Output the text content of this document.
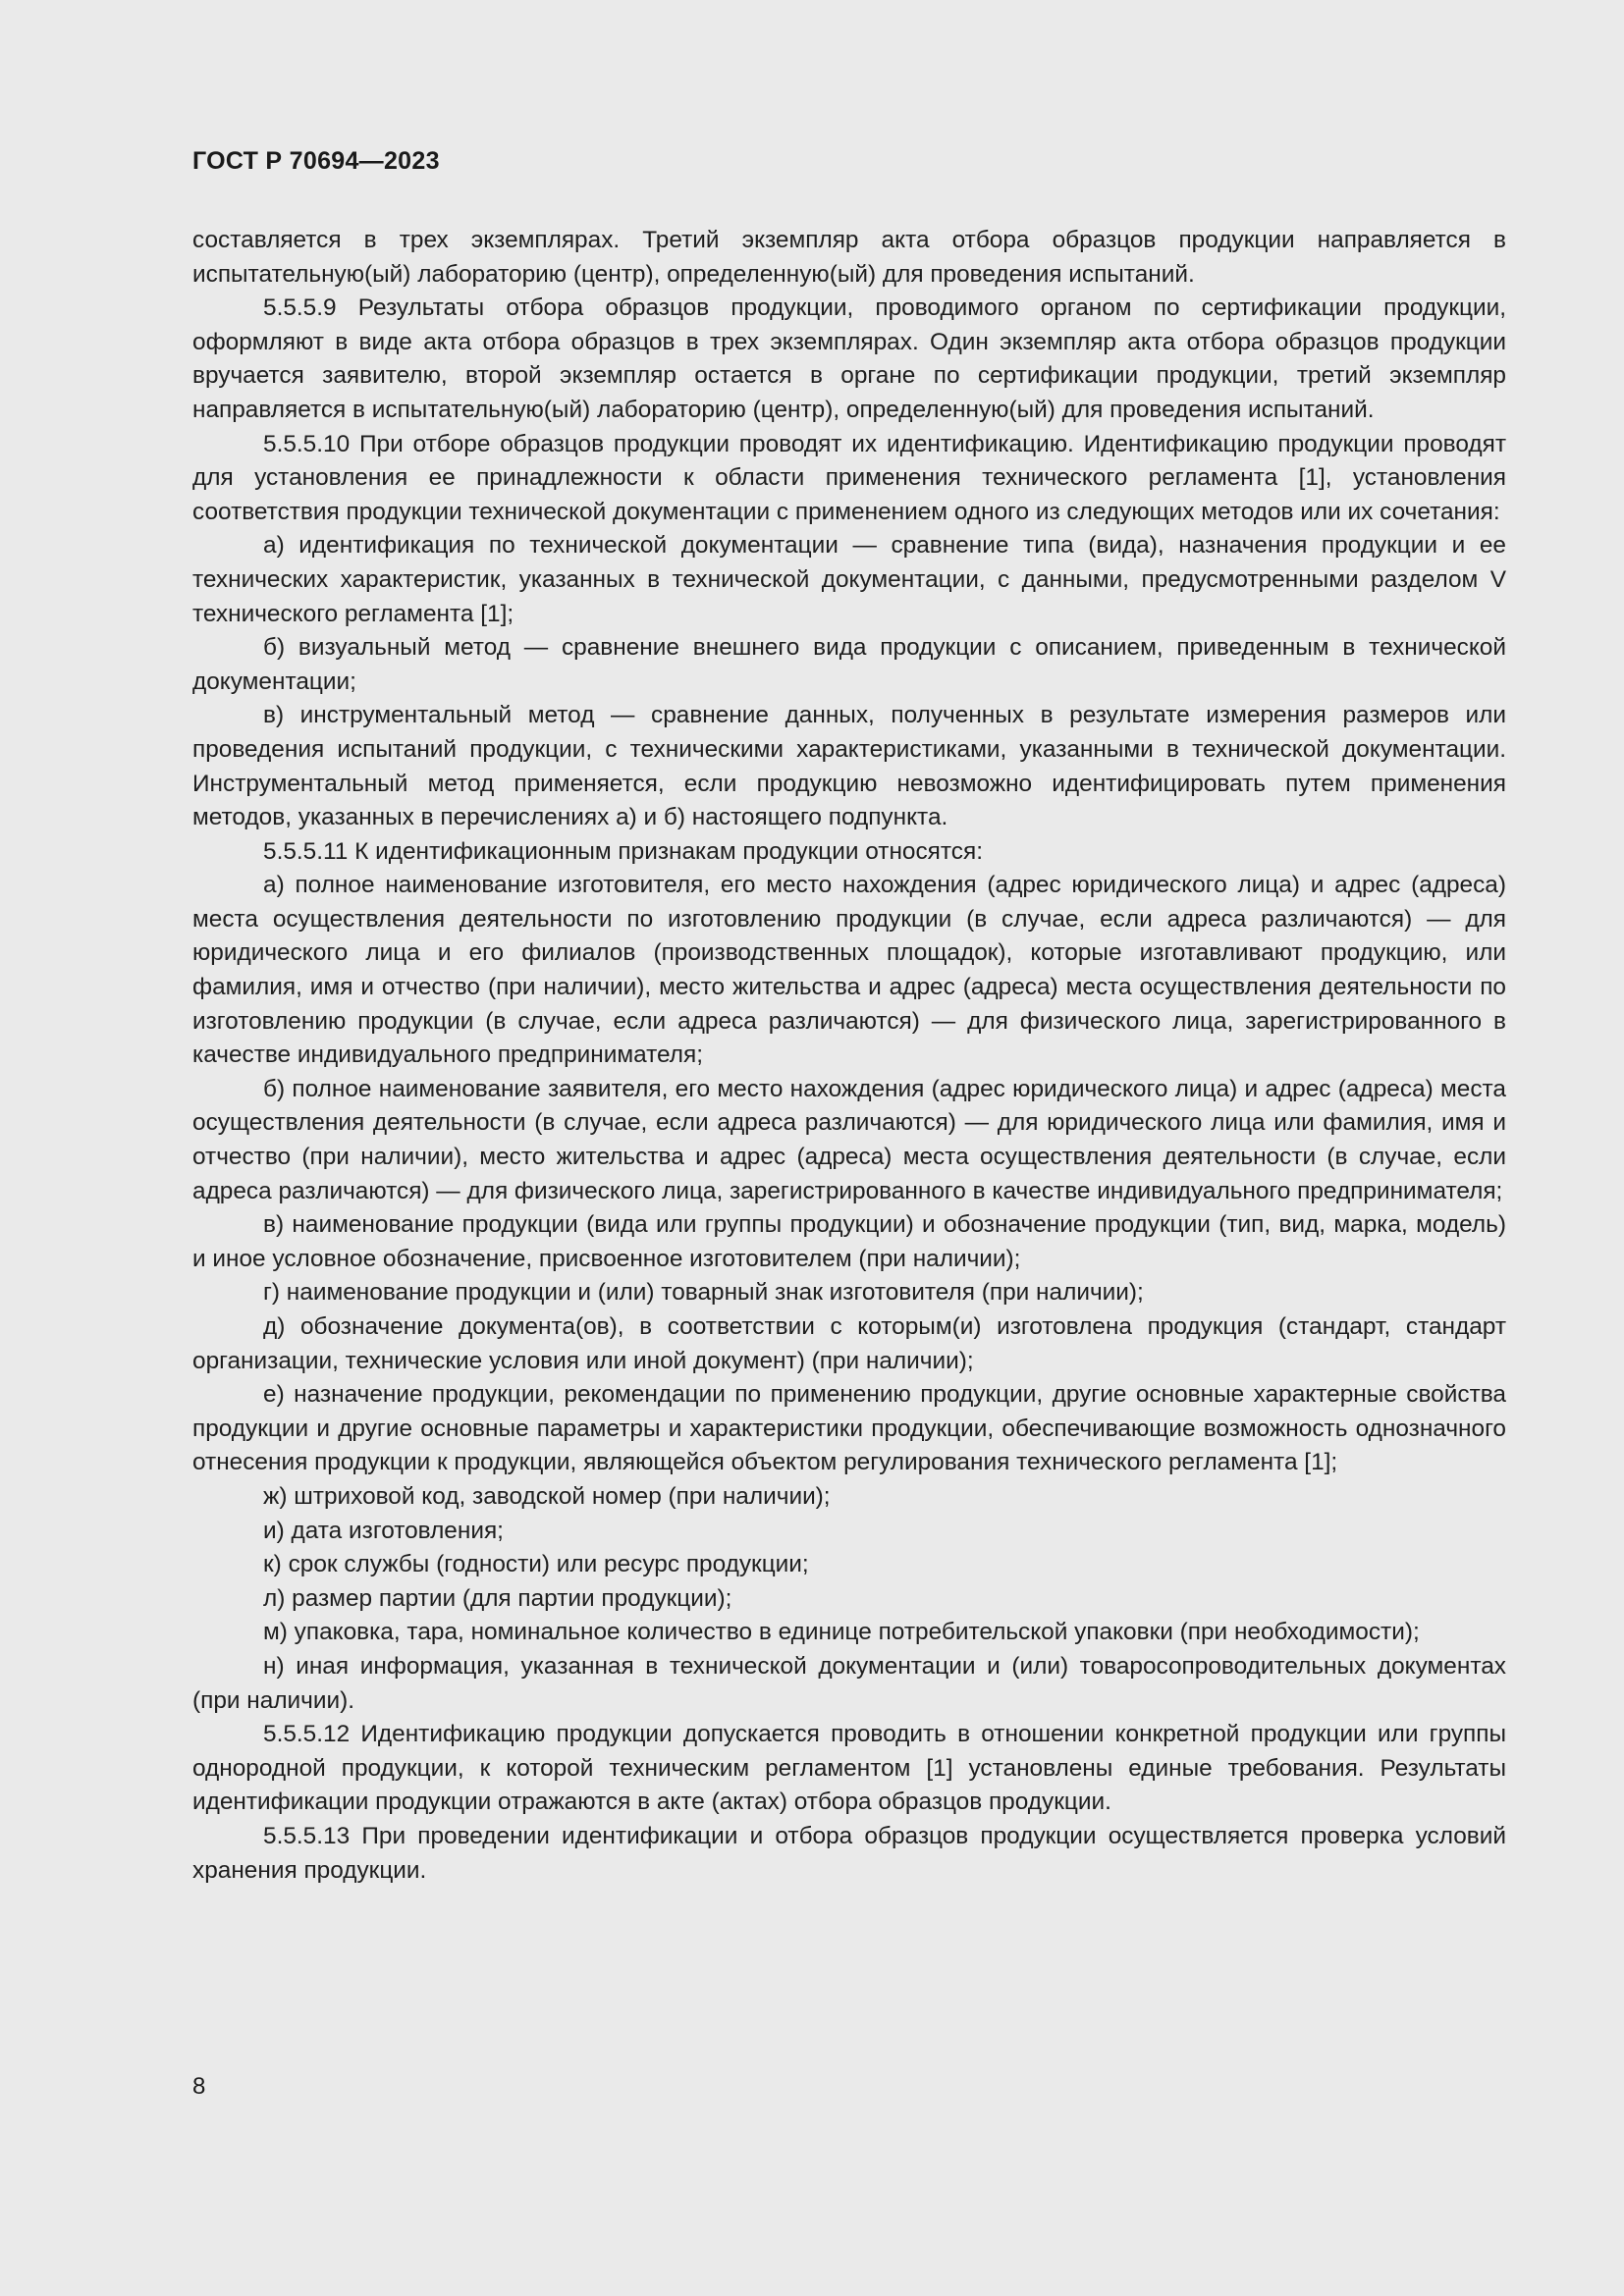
ГОСТ Р 70694—2023

составляется в трех экземплярах. Третий экземпляр акта отбора образцов продукции направляется в испытательную(ый) лабораторию (центр), определенную(ый) для проведения испытаний.

5.5.5.9 Результаты отбора образцов продукции, проводимого органом по сертификации продукции, оформляют в виде акта отбора образцов в трех экземплярах. Один экземпляр акта отбора образцов продукции вручается заявителю, второй экземпляр остается в органе по сертификации продукции, третий экземпляр направляется в испытательную(ый) лабораторию (центр), определенную(ый) для проведения испытаний.

5.5.5.10 При отборе образцов продукции проводят их идентификацию. Идентификацию продукции проводят для установления ее принадлежности к области применения технического регламента [1], установления соответствия продукции технической документации с применением одного из следующих методов или их сочетания:

а) идентификация по технической документации — сравнение типа (вида), назначения продукции и ее технических характеристик, указанных в технической документации, с данными, предусмотренными разделом V технического регламента [1];

б) визуальный метод — сравнение внешнего вида продукции с описанием, приведенным в технической документации;

в) инструментальный метод — сравнение данных, полученных в результате измерения размеров или проведения испытаний продукции, с техническими характеристиками, указанными в технической документации. Инструментальный метод применяется, если продукцию невозможно идентифицировать путем применения методов, указанных в перечислениях а) и б) настоящего подпункта.

5.5.5.11 К идентификационным признакам продукции относятся:

а) полное наименование изготовителя, его место нахождения (адрес юридического лица) и адрес (адреса) места осуществления деятельности по изготовлению продукции (в случае, если адреса различаются) — для юридического лица и его филиалов (производственных площадок), которые изготавливают продукцию, или фамилия, имя и отчество (при наличии), место жительства и адрес (адреса) места осуществления деятельности по изготовлению продукции (в случае, если адреса различаются) — для физического лица, зарегистрированного в качестве индивидуального предпринимателя;

б) полное наименование заявителя, его место нахождения (адрес юридического лица) и адрес (адреса) места осуществления деятельности (в случае, если адреса различаются) — для юридического лица или фамилия, имя и отчество (при наличии), место жительства и адрес (адреса) места осуществления деятельности (в случае, если адреса различаются) — для физического лица, зарегистрированного в качестве индивидуального предпринимателя;

в) наименование продукции (вида или группы продукции) и обозначение продукции (тип, вид, марка, модель) и иное условное обозначение, присвоенное изготовителем (при наличии);

г) наименование продукции и (или) товарный знак изготовителя (при наличии);

д) обозначение документа(ов), в соответствии с которым(и) изготовлена продукция (стандарт, стандарт организации, технические условия или иной документ) (при наличии);

е) назначение продукции, рекомендации по применению продукции, другие основные характерные свойства продукции и другие основные параметры и характеристики продукции, обеспечивающие возможность однозначного отнесения продукции к продукции, являющейся объектом регулирования технического регламента [1];

ж) штриховой код, заводской номер (при наличии);

и) дата изготовления;

к) срок службы (годности) или ресурс продукции;

л) размер партии (для партии продукции);

м) упаковка, тара, номинальное количество в единице потребительской упаковки (при необходимости);

н) иная информация, указанная в технической документации и (или) товаросопроводительных документах (при наличии).

5.5.5.12 Идентификацию продукции допускается проводить в отношении конкретной продукции или группы однородной продукции, к которой техническим регламентом [1] установлены единые требования. Результаты идентификации продукции отражаются в акте (актах) отбора образцов продукции.

5.5.5.13 При проведении идентификации и отбора образцов продукции осуществляется проверка условий хранения продукции.

8
